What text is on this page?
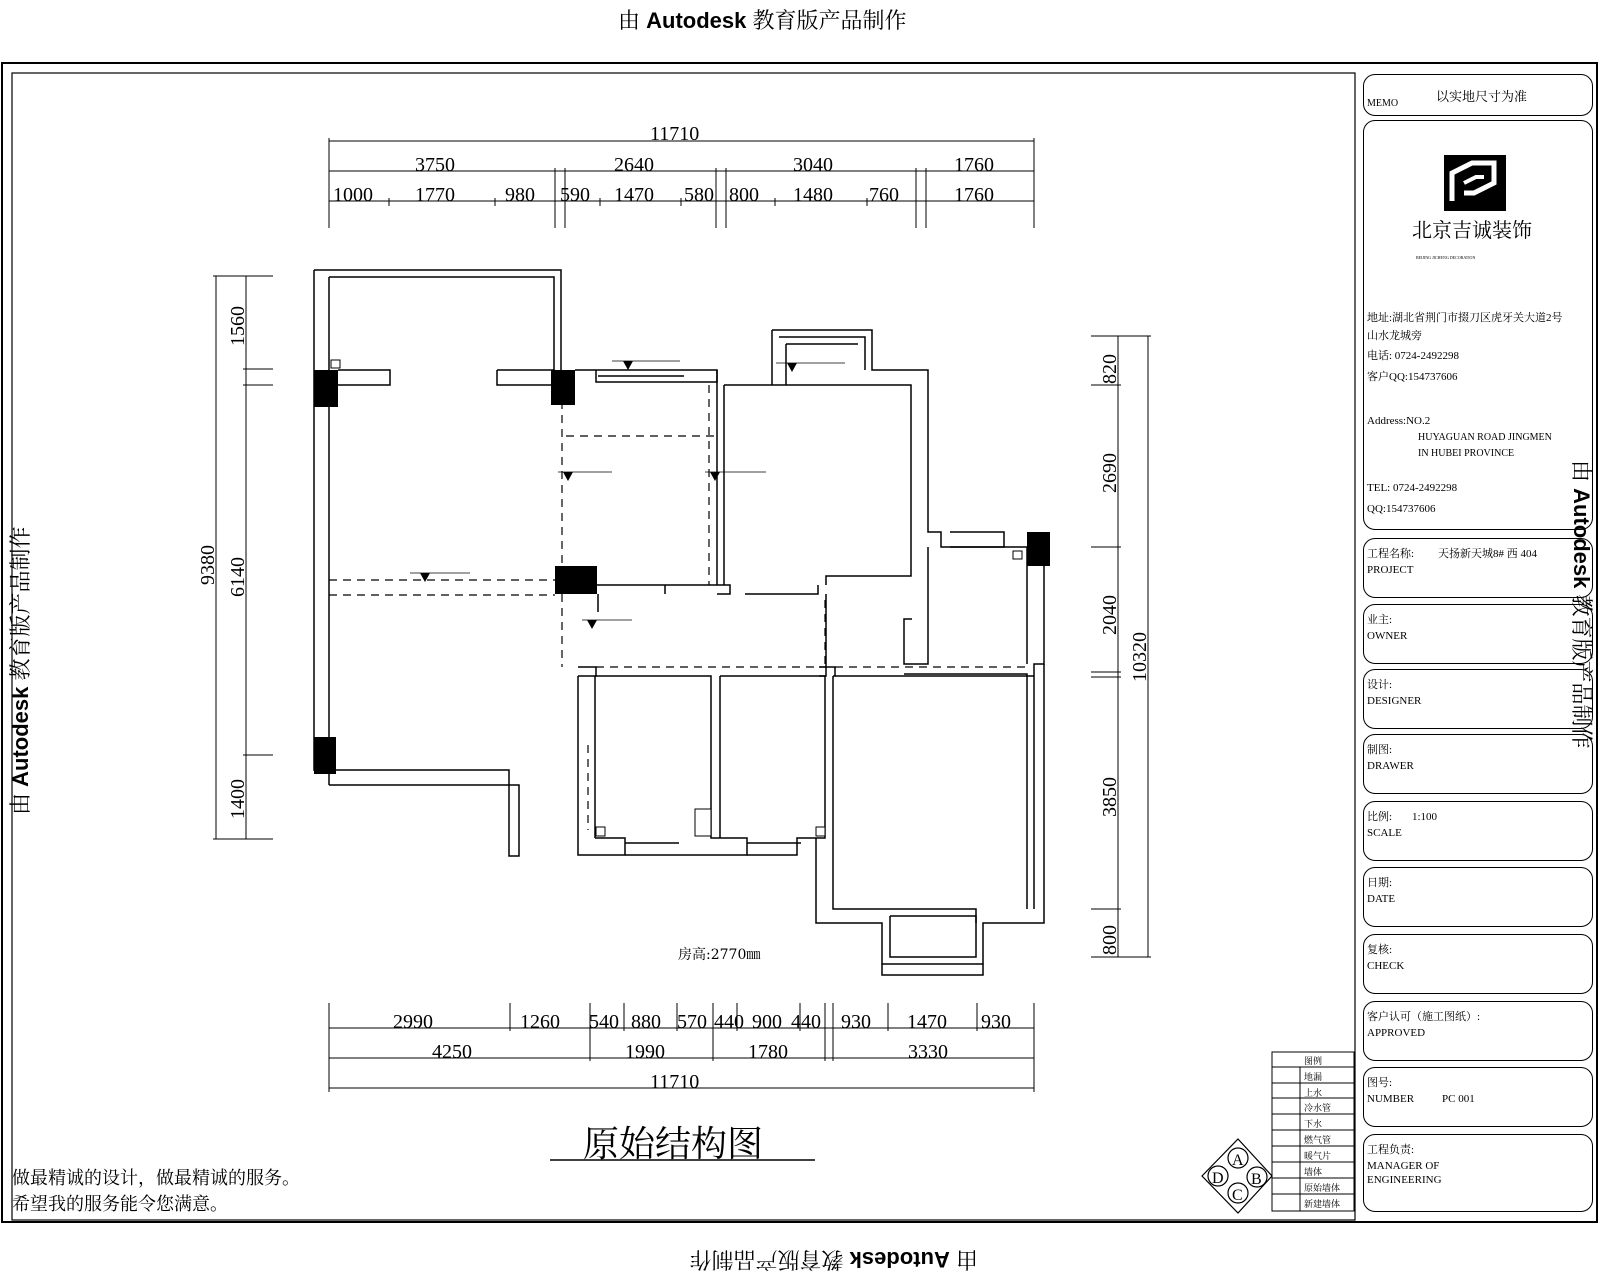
由 Autodesk 教育版产品制作
由 Autodesk 教育版产品制作
由 Autodesk 教育版产品制作
由 Autodesk 教育版产品制作
11710
3750	2640	3040	1760
1000 1770	980 590 1470 580 800 1480 760	1760
2990	1260 540 880 570 440 900 440 930 1470 930
4250	1990	1780	3330
11710
9380
1560
6140
1400
820
2690
2040
3850
800
10320
A
B
C
D
房高:2770㎜
原始结构图
做最精诚的设计，做最精诚的服务。
希望我的服务能令您满意。
图例
地漏
上水
冷水管
下水
燃气管
暖气片
墙体
原始墙体
新建墙体
MEMO	以实地尺寸为准
北京吉诚装饰
BEIJING JICHENG DECORATION
地址:湖北省荆门市掇刀区虎牙关大道2号山水龙城旁
电话: 0724-2492298
客户QQ:154737606
Address:NO.2
HUYAGUAN ROAD JINGMEN
IN HUBEI PROVINCE
TEL: 0724-2492298
QQ:154737606
工程名称:
PROJECT
天扬新天城8# 西 404
业主:
OWNER
设计:
DESIGNER
制图:
DRAWER
比例:
SCALE
1:100
日期:
DATE
复核:
CHECK
客户认可（施工图纸）:
APPROVED
图号:
NUMBER	PC 001
工程负责:
MANAGER OF
ENGINEERING
